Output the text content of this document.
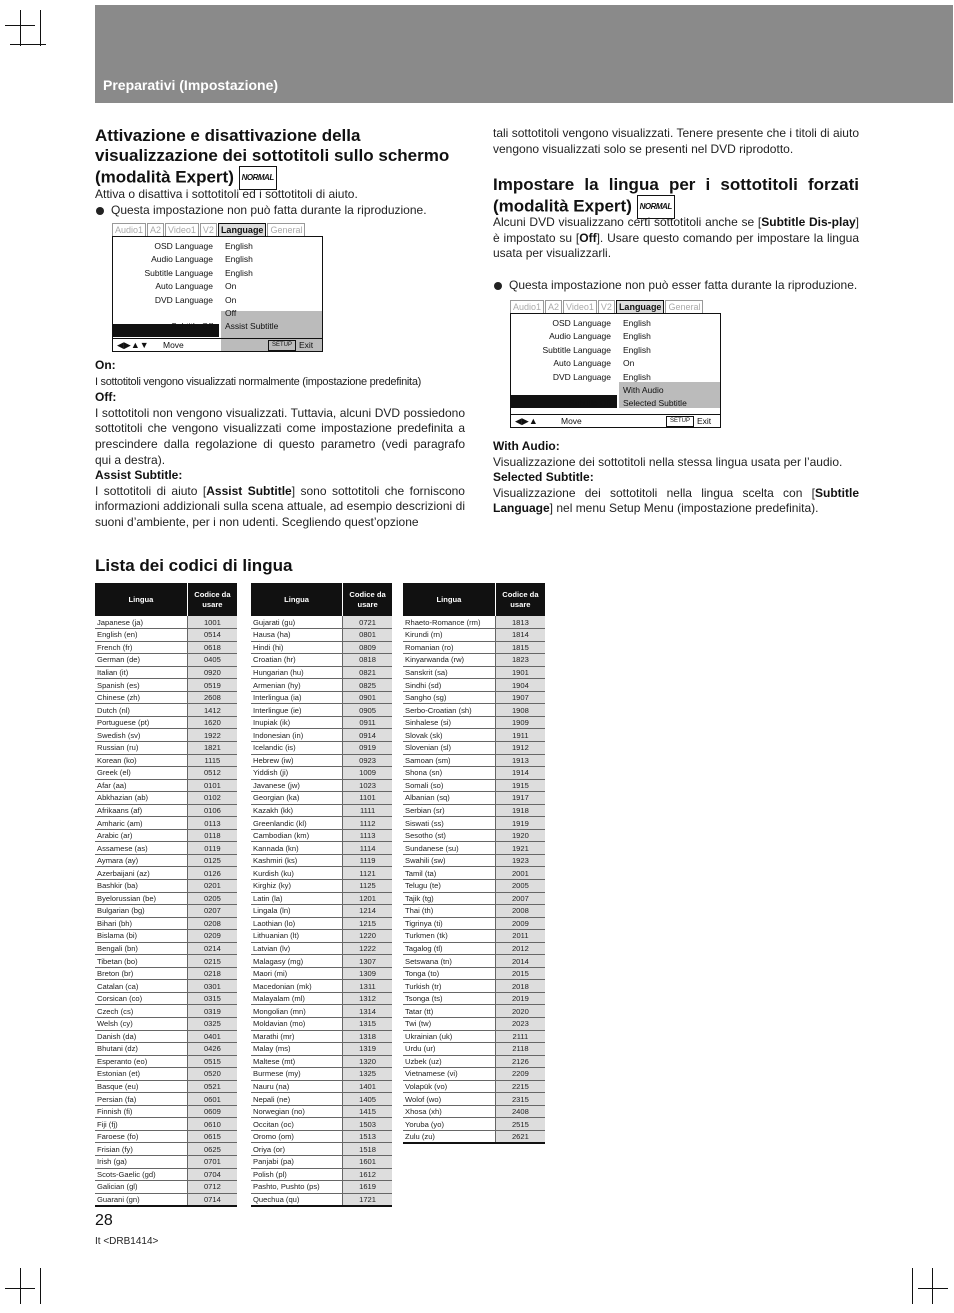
Preparativi (Impostazione)
Attivazione e disattivazione della visualizzazione dei sottotitoli sullo schermo (modalità Expert) NORMAL
Attiva o disattiva i sottotitoli ed i sottotitoli di aiuto.
Questa impostazione non può fatta durante la riproduzione.
Audio1 A2 Video1 V2 Language General
OSD Language English
Audio Language English
Subtitle Language English
Auto Language On
DVD Language On
Subtitle Display Off
Subtitle Off Assist Subtitle
◀▶▲▼ Move	SETUP Exit
On:
I sottotitoli vengono visualizzati normalmente (impostazione predefinita)
Off:
I sottotitoli non vengono visualizzati. Tuttavia, alcuni DVD possiedono sottotitoli che vengono visualizzati come impostazione predefinita a prescindere dalla regolazione di questo parametro (vedi paragrafo qui a destra).
Assist Subtitle:
I sottotitoli di aiuto [Assist Subtitle] sono sottotitoli che forniscono informazioni addizionali sulla scena attuale, ad esempio descrizioni di suoni d’ambiente, per i non udenti. Scegliendo quest’opzione
tali sottotitoli vengono visualizzati. Tenere presente che i titoli di aiuto vengono visualizzati solo se presenti nel DVD riprodotto.
Impostare la lingua per i sottotitoli forzati (modalità Expert) NORMAL
Alcuni DVD visualizzano certi sottotitoli anche se [Subtitle Dis-play] è impostato su [Off]. Usare questo comando per impostare la lingua usata per visualizzarli.
Questa impostazione non può esser fatta durante la riproduzione.
Audio1 A2 Video1 V2 Language General
OSD Language English
Audio Language English
Subtitle Language English
Auto Language On
DVD Language English
Subtitle Display With Audio
Subtitle Off Selected Subtitle
◀▶▲	Move	SETUP Exit
With Audio:
Visualizzazione dei sottotitoli nella stessa lingua usata per l’audio.
Selected Subtitle:
Visualizzazione dei sottotitoli nella lingua scelta con [Subtitle Language] nel menu Setup Menu (impostazione predefinita).
Lista dei codici di lingua
Lingua	Codice da usare
Japanese (ja)	1001
English (en)	0514
French (fr)	0618
German (de)	0405
Italian (it)	0920
Spanish (es)	0519
Chinese (zh)	2608
Dutch (nl)	1412
Portuguese (pt)	1620
Swedish (sv)	1922
Russian (ru)	1821
Korean (ko)	1115
Greek (el)	0512
Afar (aa)	0101
Abkhazian (ab)	0102
Afrikaans (af)	0106
Amharic (am)	0113
Arabic (ar)	0118
Assamese (as)	0119
Aymara (ay)	0125
Azerbaijani (az)	0126
Bashkir (ba)	0201
Byelorussian (be)	0205
Bulgarian (bg)	0207
Bihari (bh)	0208
Bislama (bi)	0209
Bengali (bn)	0214
Tibetan (bo)	0215
Breton (br)	0218
Catalan (ca)	0301
Corsican (co)	0315
Czech (cs)	0319
Welsh (cy)	0325
Danish (da)	0401
Bhutani (dz)	0426
Esperanto (eo)	0515
Estonian (et)	0520
Basque (eu)	0521
Persian (fa)	0601
Finnish (fi)	0609
Fiji (fj)	0610
Faroese (fo)	0615
Frisian (fy)	0625
Irish (ga)	0701
Scots-Gaelic (gd)	0704
Galician (gl)	0712
Guarani (gn)	0714
Lingua	Codice da usare
Gujarati (gu)	0721
Hausa (ha)	0801
Hindi (hi)	0809
Croatian (hr)	0818
Hungarian (hu)	0821
Armenian (hy)	0825
Interlingua (ia)	0901
Interlingue (ie)	0905
Inupiak (ik)	0911
Indonesian (in)	0914
Icelandic (is)	0919
Hebrew (iw)	0923
Yiddish (ji)	1009
Javanese (jw)	1023
Georgian (ka)	1101
Kazakh (kk)	1111
Greenlandic (kl)	1112
Cambodian (km)	1113
Kannada (kn)	1114
Kashmiri (ks)	1119
Kurdish (ku)	1121
Kirghiz (ky)	1125
Latin (la)	1201
Lingala (ln)	1214
Laothian (lo)	1215
Lithuanian (lt)	1220
Latvian (lv)	1222
Malagasy (mg)	1307
Maori (mi)	1309
Macedonian (mk)	1311
Malayalam (ml)	1312
Mongolian (mn)	1314
Moldavian (mo)	1315
Marathi (mr)	1318
Malay (ms)	1319
Maltese (mt)	1320
Burmese (my)	1325
Nauru (na)	1401
Nepali (ne)	1405
Norwegian (no)	1415
Occitan (oc)	1503
Oromo (om)	1513
Oriya (or)	1518
Panjabi (pa)	1601
Polish (pl)	1612
Pashto, Pushto (ps)	1619
Quechua (qu)	1721
Lingua	Codice da usare
Rhaeto-Romance (rm)	1813
Kirundi (rn)	1814
Romanian (ro)	1815
Kinyarwanda (rw)	1823
Sanskrit (sa)	1901
Sindhi (sd)	1904
Sangho (sg)	1907
Serbo-Croatian (sh)	1908
Sinhalese (si)	1909
Slovak (sk)	1911
Slovenian (sl)	1912
Samoan (sm)	1913
Shona (sn)	1914
Somali (so)	1915
Albanian (sq)	1917
Serbian (sr)	1918
Siswati (ss)	1919
Sesotho (st)	1920
Sundanese (su)	1921
Swahili (sw)	1923
Tamil (ta)	2001
Telugu (te)	2005
Tajik (tg)	2007
Thai (th)	2008
Tigrinya (ti)	2009
Turkmen (tk)	2011
Tagalog (tl)	2012
Setswana (tn)	2014
Tonga (to)	2015
Turkish (tr)	2018
Tsonga (ts)	2019
Tatar (tt)	2020
Twi (tw)	2023
Ukrainian (uk)	2111
Urdu (ur)	2118
Uzbek (uz)	2126
Vietnamese (vi)	2209
Volapük (vo)	2215
Wolof (wo)	2315
Xhosa (xh)	2408
Yoruba (yo)	2515
Zulu (zu)	2621
28
It <DRB1414>
